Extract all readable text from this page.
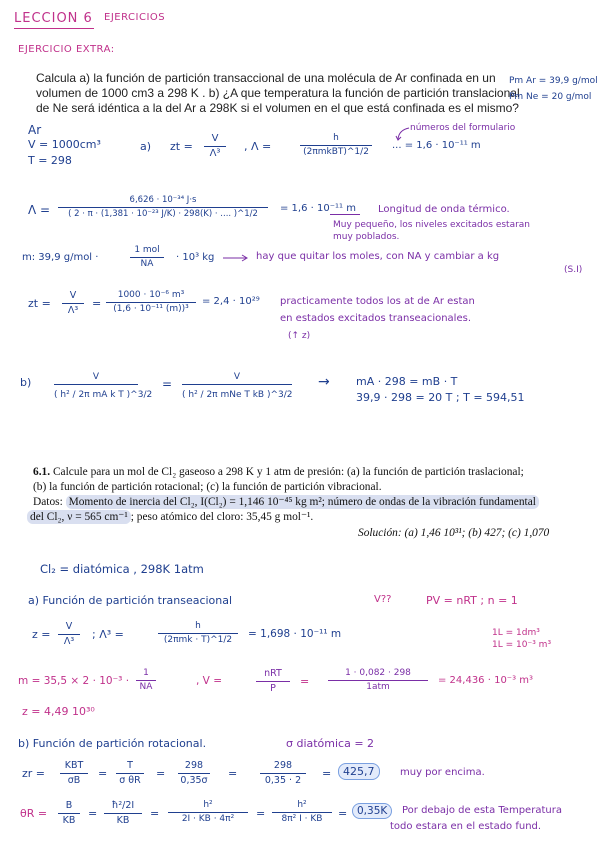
LECCION 6 EJERCICIOS
EJERCICIO EXTRA:
Calcula a) la función de partición transaccional de una molécula de Ar confinada en un
volumen de 1000 cm3 a 298 K . b) ¿A que temperatura la función de partición translacional
de Ne será idéntica a la del Ar a 298K si el volumen en el que está confinada es el mismo?
Pm Ar = 39,9 g/mol
Pm Ne = 20 g/mol
Ar
V = 1000cm³
T = 298
a) zt =
V
Λ³
, Λ =
h
(2πmkBT)^1/2
... = 1,6 · 10⁻¹¹ m
números del formulario
Λ =
6,626 · 10⁻³⁴ J·s
( 2 · π · (1,381 · 10⁻²³ J/K) · 298(K) · .... )^1/2	= 1,6 · 10⁻¹¹ m Longitud de onda térmico.
Muy pequeño, los niveles excitados estaran
muy poblados.
m: 39,9 g/mol ·
1 mol
NA
· 10³ kg	hay que quitar los moles, con NA y cambiar a kg
(S.I)
zt =
V
Λ³	=
1000 · 10⁻⁶ m³
(1,6 · 10⁻¹¹ (m))³
= 2,4 · 10²⁹ practicamente todos los at de Ar estan
en estados excitados transeacionales.
(↑ z)
b)	V
( h² / 2π mA k T )^3/2
=	V
( h² / 2π mNe T kB )^3/2
→ mA · 298 = mB · T
39,9 · 298 = 20 T ; T = 594,51
6.1. Calcule para un mol de Cl₂ gaseoso a 298 K y 1 atm de presión: (a) la función de partición traslacional;
(b) la función de partición rotacional; (c) la función de partición vibracional.
Datos: Momento de inercia del Cl₂, I(Cl₂) = 1,146 10⁻⁴⁵ kg m²; número de ondas de la vibración fundamental
del Cl₂, ν = 565 cm⁻¹ ; peso atómico del cloro: 35,45 g mol⁻¹.
Solución: (a) 1,46 10³¹; (b) 427; (c) 1,070
Cl₂ = diatómica , 298K 1atm
a) Función de partición transeacional	V??	PV = nRT ; n = 1
z =
V
Λ³	; Λ³ =
h
(2πmk · T)^1/2	= 1,698 · 10⁻¹¹ m	1L = 1dm³
1L = 10⁻³ m³
m = 35,5 × 2 · 10⁻³ ·
1
NA	, V =
nRT
P	=
1 · 0,082 · 298
1atm
= 24,436 · 10⁻³ m³
z = 4,49 10³⁰
b) Función de partición rotacional.	σ diatómica = 2
zr =
KBT
σB	=
T
σ θR =
298
0,35σ =
298
0,35 · 2	=	425,7	muy por encima.
θR =
B
KB	=
ħ²/2I
KB	=
h²
2I · KB · 4π²	=
h²
8π² I · KB	= 0,35K	Por debajo de esta Temperatura
todo estara en el estado fund.
